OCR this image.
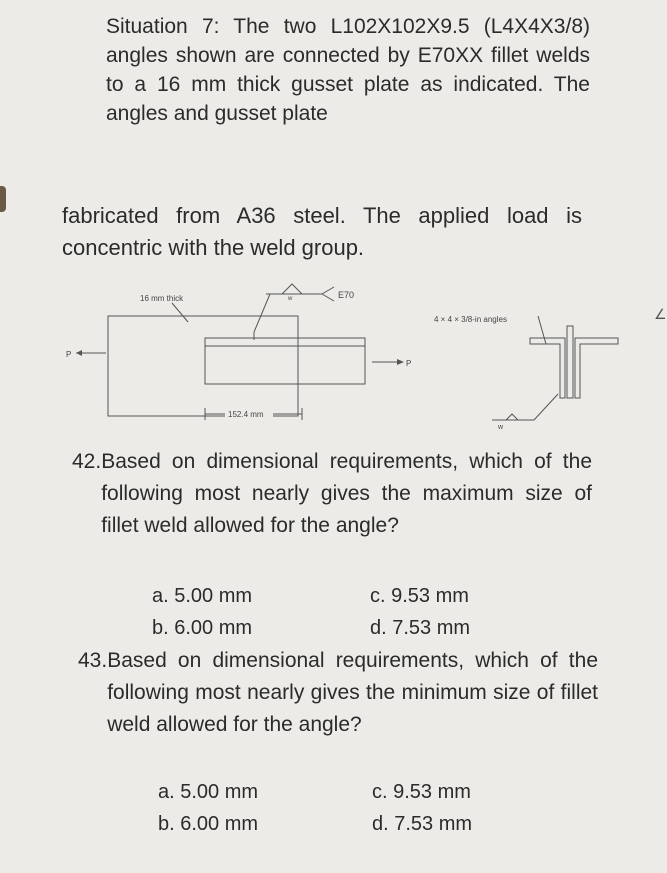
∠
Situation 7: The two L102X102X9.5 (L4X4X3/8) angles shown are connected by E70XX fillet welds to a 16 mm thick gusset plate as indicated. The angles and gusset plate
fabricated from A36 steel. The applied load is concentric with the weld group.
16 mm thick	w	E70
P
P
152.4 mm
4 × 4 × 3/8-in angles
w
42. Based on dimensional requirements, which of the following most nearly gives the maximum size of fillet weld allowed for the angle?
a. 5.00 mm
b. 6.00 mm
c. 9.53 mm
d. 7.53 mm
43. Based on dimensional requirements, which of the following most nearly gives the minimum size of fillet weld allowed for the angle?
a. 5.00 mm
b. 6.00 mm
c. 9.53 mm
d. 7.53 mm
